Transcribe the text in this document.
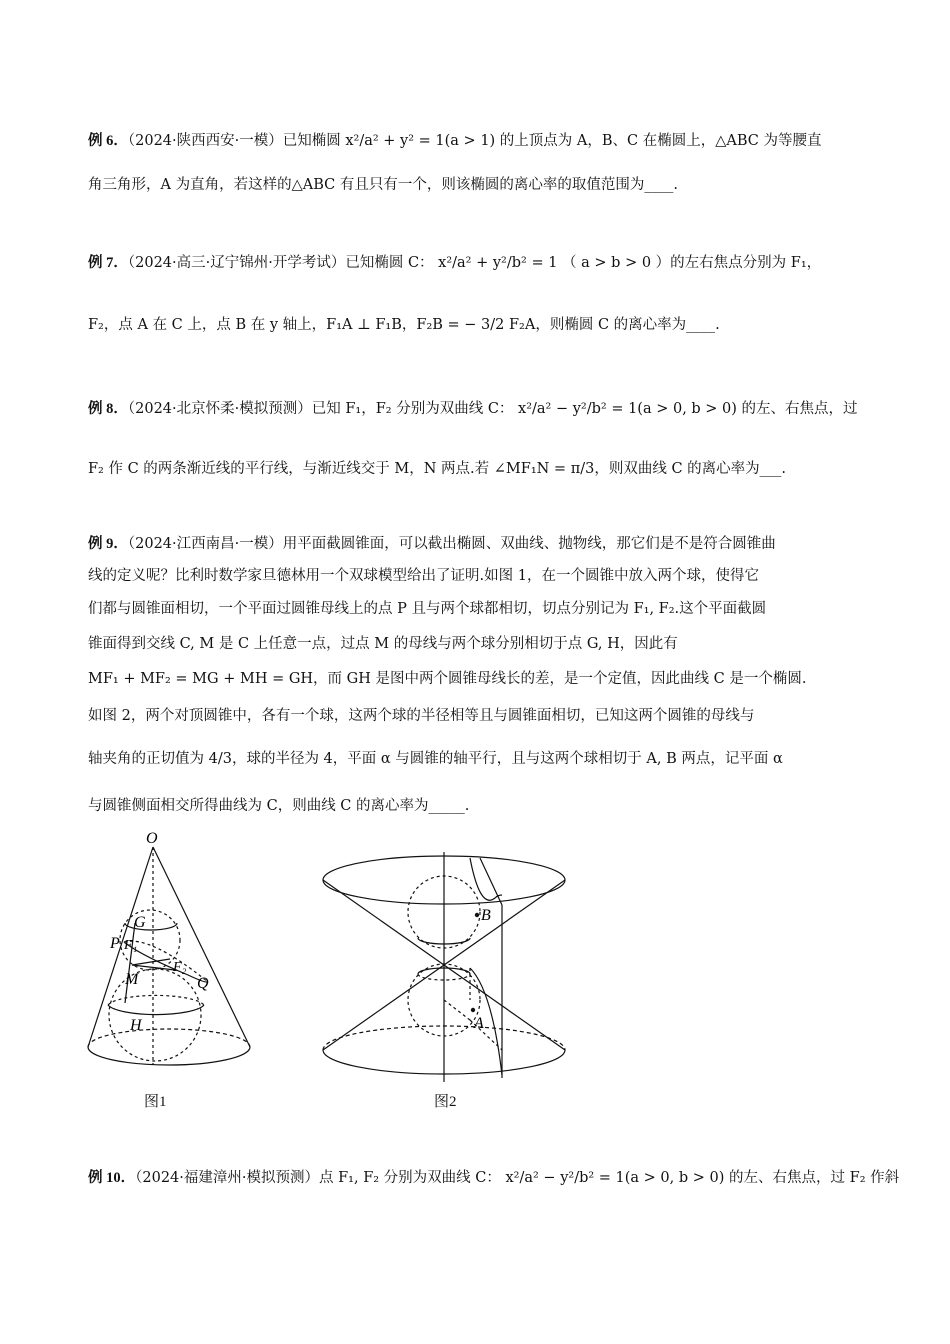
例 6．（2024·陕西西安·一模）已知椭圆 x²/a² + y² = 1(a > 1) 的上顶点为 A，B、C 在椭圆上，△ABC 为等腰直
角三角形，A 为直角，若这样的△ABC 有且只有一个，则该椭圆的离心率的取值范围为____.
例 7．（2024·高三·辽宁锦州·开学考试）已知椭圆 C： x²/a² + y²/b² = 1 （ a > b > 0 ）的左右焦点分别为 F₁，
F₂，点 A 在 C 上，点 B 在 y 轴上，F₁A ⊥ F₁B，F₂B = − 3/2 F₂A，则椭圆 C 的离心率为____.
例 8．（2024·北京怀柔·模拟预测）已知 F₁，F₂ 分别为双曲线 C： x²/a² − y²/b² = 1(a > 0, b > 0) 的左、右焦点，过
F₂ 作 C 的两条渐近线的平行线，与渐近线交于 M，N 两点.若 ∠MF₁N = π/3，则双曲线 C 的离心率为___.
例 9．（2024·江西南昌·一模）用平面截圆锥面，可以截出椭圆、双曲线、抛物线，那它们是不是符合圆锥曲
线的定义呢？比利时数学家旦德林用一个双球模型给出了证明.如图 1，在一个圆锥中放入两个球，使得它
们都与圆锥面相切，一个平面过圆锥母线上的点 P 且与两个球都相切，切点分别记为 F₁, F₂.这个平面截圆
锥面得到交线 C, M 是 C 上任意一点，过点 M 的母线与两个球分别相切于点 G, H，因此有
MF₁ + MF₂ = MG + MH = GH，而 GH 是图中两个圆锥母线长的差，是一个定值，因此曲线 C 是一个椭圆.
如图 2，两个对顶圆锥中，各有一个球，这两个球的半径相等且与圆锥面相切，已知这两个圆锥的母线与
轴夹角的正切值为 4/3，球的半径为 4，平面 α 与圆锥的轴平行，且与这两个球相切于 A, B 两点，记平面 α
与圆锥侧面相交所得曲线为 C，则曲线 C 的离心率为_____.
O
G
P F₁
F₂
M	Q
H
图1
B
A
图2
例 10．（2024·福建漳州·模拟预测）点 F₁, F₂ 分别为双曲线 C： x²/a² − y²/b² = 1(a > 0, b > 0) 的左、右焦点，过 F₂ 作斜
